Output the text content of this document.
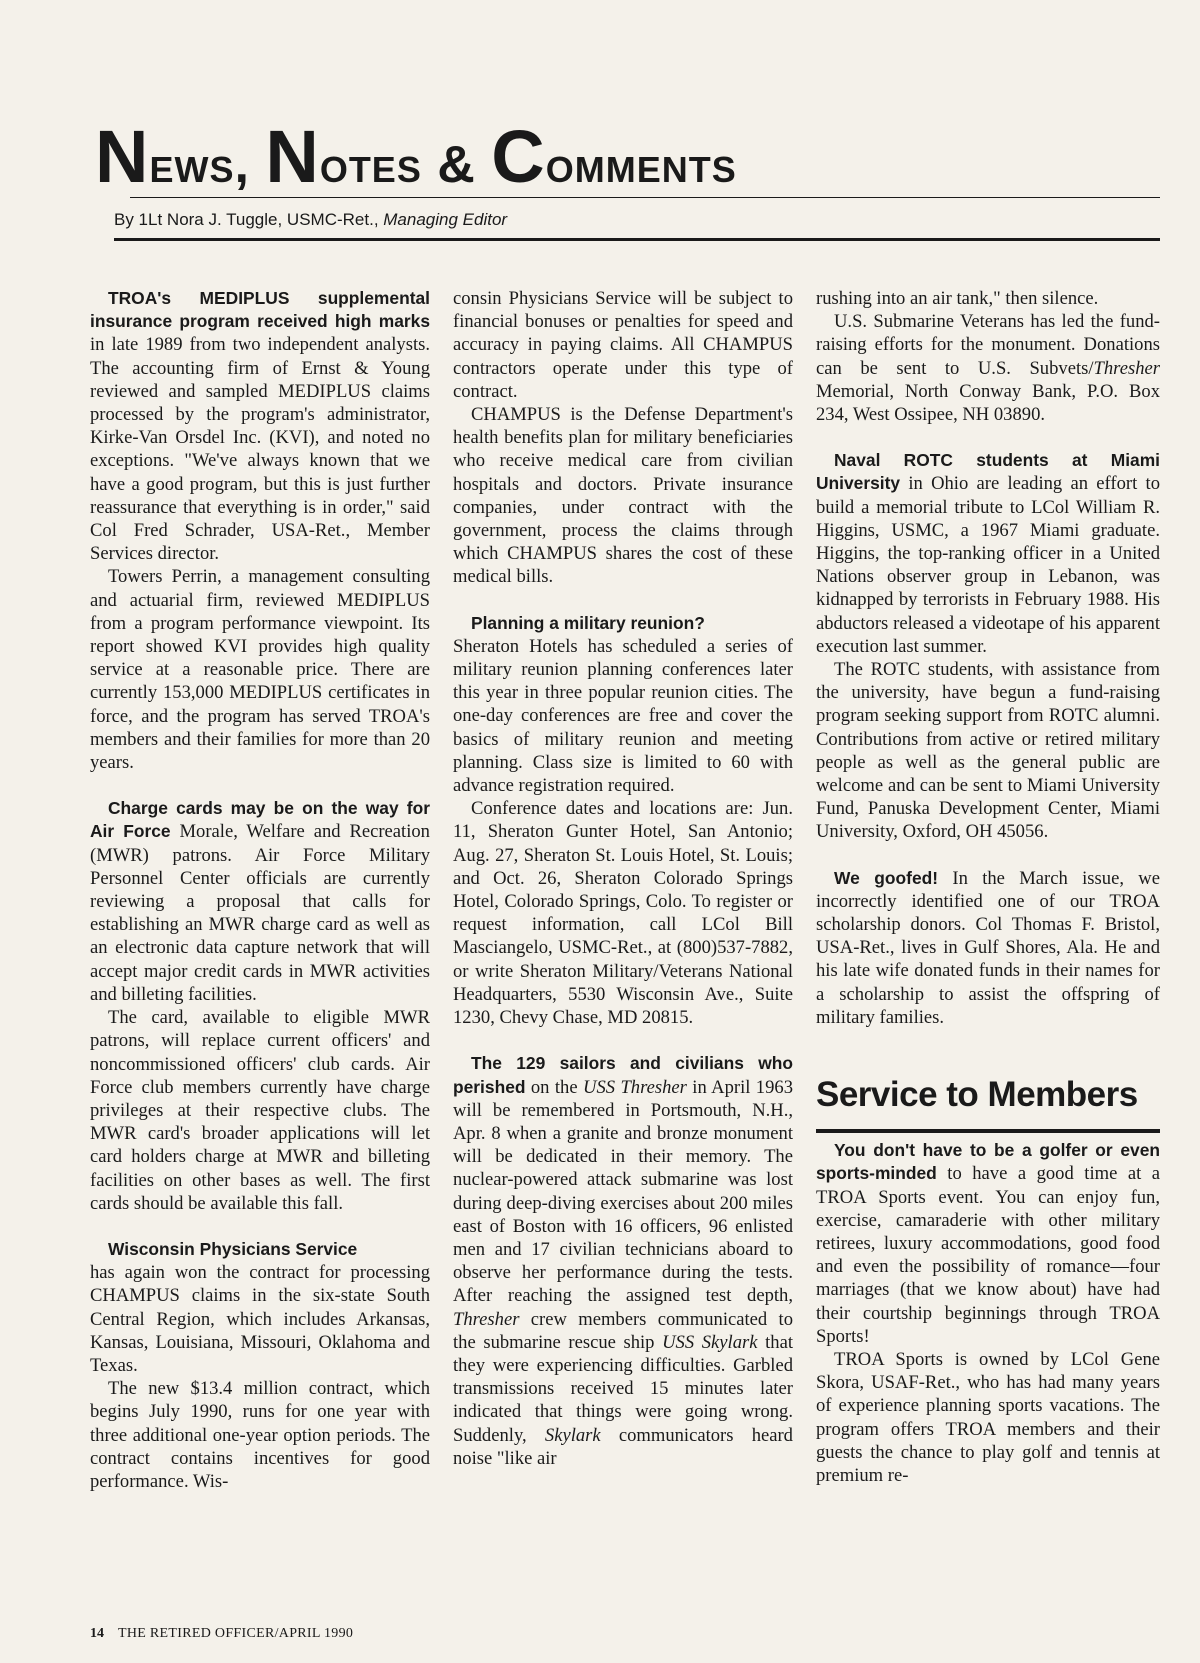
News, Notes & Comments
By 1Lt Nora J. Tuggle, USMC-Ret., Managing Editor

TROA's MEDIPLUS supplemental insurance program received high marks in late 1989 from two independent analysts. The accounting firm of Ernst & Young reviewed and sampled MEDIPLUS claims processed by the program's administrator, Kirke-Van Orsdel Inc. (KVI), and noted no exceptions. "We've always known that we have a good program, but this is just further reassurance that everything is in order," said Col Fred Schrader, USA-Ret., Member Services director.

Towers Perrin, a management consulting and actuarial firm, reviewed MEDIPLUS from a program performance viewpoint. Its report showed KVI provides high quality service at a reasonable price. There are currently 153,000 MEDIPLUS certificates in force, and the program has served TROA's members and their families for more than 20 years.

Charge cards may be on the way for Air Force Morale, Welfare and Recreation (MWR) patrons. Air Force Military Personnel Center officials are currently reviewing a proposal that calls for establishing an MWR charge card as well as an electronic data capture network that will accept major credit cards in MWR activities and billeting facilities.

The card, available to eligible MWR patrons, will replace current officers' and noncommissioned officers' club cards. Air Force club members currently have charge privileges at their respective clubs. The MWR card's broader applications will let card holders charge at MWR and billeting facilities on other bases as well. The first cards should be available this fall.

Wisconsin Physicians Service

has again won the contract for processing CHAMPUS claims in the six-state South Central Region, which includes Arkansas, Kansas, Louisiana, Missouri, Oklahoma and Texas.

The new $13.4 million contract, which begins July 1990, runs for one year with three additional one-year option periods. The contract contains incentives for good performance. Wis-

consin Physicians Service will be subject to financial bonuses or penalties for speed and accuracy in paying claims. All CHAMPUS contractors operate under this type of contract.

CHAMPUS is the Defense Department's health benefits plan for military beneficiaries who receive medical care from civilian hospitals and doctors. Private insurance companies, under contract with the government, process the claims through which CHAMPUS shares the cost of these medical bills.

Planning a military reunion?

Sheraton Hotels has scheduled a series of military reunion planning conferences later this year in three popular reunion cities. The one-day conferences are free and cover the basics of military reunion and meeting planning. Class size is limited to 60 with advance registration required.

Conference dates and locations are: Jun. 11, Sheraton Gunter Hotel, San Antonio; Aug. 27, Sheraton St. Louis Hotel, St. Louis; and Oct. 26, Sheraton Colorado Springs Hotel, Colorado Springs, Colo. To register or request information, call LCol Bill Masciangelo, USMC-Ret., at (800)537-7882, or write Sheraton Military/Veterans National Headquarters, 5530 Wisconsin Ave., Suite 1230, Chevy Chase, MD 20815.

The 129 sailors and civilians who perished on the USS Thresher in April 1963 will be remembered in Portsmouth, N.H., Apr. 8 when a granite and bronze monument will be dedicated in their memory. The nuclear-powered attack submarine was lost during deep-diving exercises about 200 miles east of Boston with 16 officers, 96 enlisted men and 17 civilian technicians aboard to observe her performance during the tests. After reaching the assigned test depth, Thresher crew members communicated to the submarine rescue ship USS Skylark that they were experiencing difficulties. Garbled transmissions received 15 minutes later indicated that things were going wrong. Suddenly, Skylark communicators heard noise "like air

rushing into an air tank," then silence.

U.S. Submarine Veterans has led the fund-raising efforts for the monument. Donations can be sent to U.S. Subvets/Thresher Memorial, North Conway Bank, P.O. Box 234, West Ossipee, NH 03890.

Naval ROTC students at Miami University in Ohio are leading an effort to build a memorial tribute to LCol William R. Higgins, USMC, a 1967 Miami graduate. Higgins, the top-ranking officer in a United Nations observer group in Lebanon, was kidnapped by terrorists in February 1988. His abductors released a videotape of his apparent execution last summer.

The ROTC students, with assistance from the university, have begun a fund-raising program seeking support from ROTC alumni. Contributions from active or retired military people as well as the general public are welcome and can be sent to Miami University Fund, Panuska Development Center, Miami University, Oxford, OH 45056.

We goofed! In the March issue, we incorrectly identified one of our TROA scholarship donors. Col Thomas F. Bristol, USA-Ret., lives in Gulf Shores, Ala. He and his late wife donated funds in their names for a scholarship to assist the offspring of military families.

Service to Members

You don't have to be a golfer or even sports-minded to have a good time at a TROA Sports event. You can enjoy fun, exercise, camaraderie with other military retirees, luxury accommodations, good food and even the possibility of romance—four marriages (that we know about) have had their courtship beginnings through TROA Sports!

TROA Sports is owned by LCol Gene Skora, USAF-Ret., who has had many years of experience planning sports vacations. The program offers TROA members and their guests the chance to play golf and tennis at premium re-

14 THE RETIRED OFFICER/APRIL 1990
